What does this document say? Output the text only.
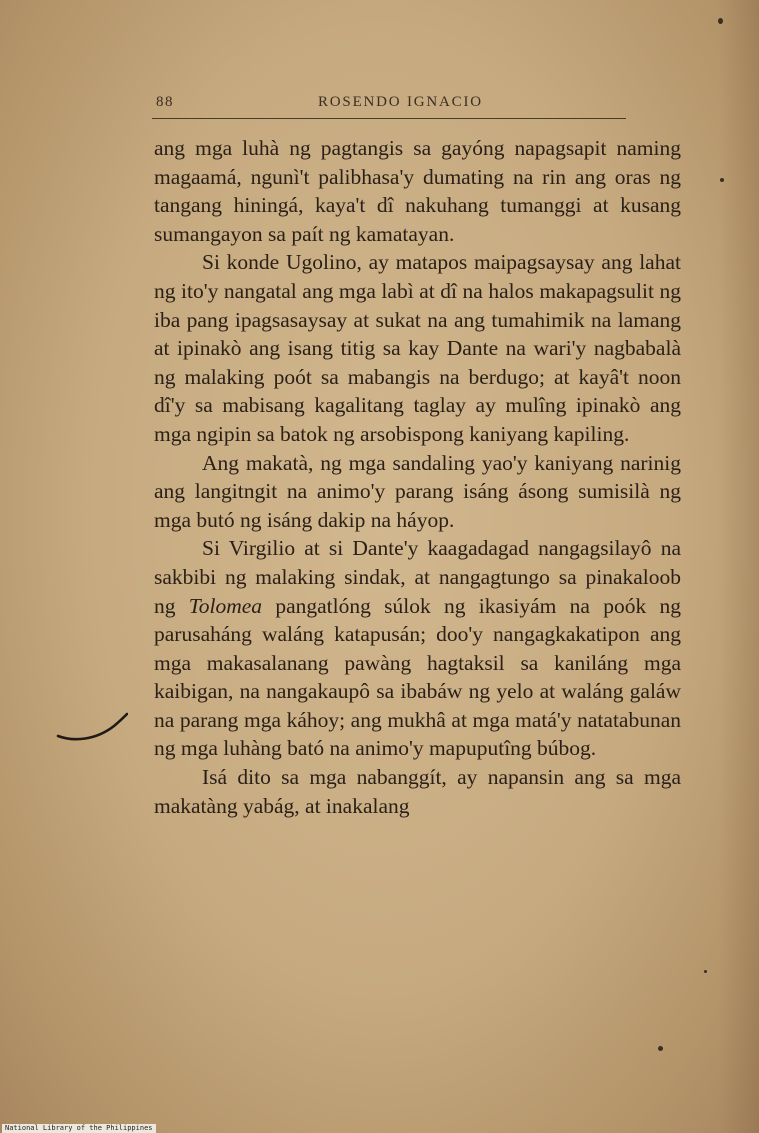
88	ROSENDO IGNACIO

ang mga luhà ng pagtangis sa gayóng napagsapit naming magaamá, ngunì't palibhasa'y dumating na rin ang oras ng tangang hiningá, kaya't dî nakuhang tumanggi at kusang sumangayon sa paít ng kamatayan.

Si konde Ugolino, ay matapos maipagsaysay ang lahat ng ito'y nangatal ang mga labì at dî na halos makapagsulit ng iba pang ipagsasaysay at sukat na ang tumahimik na lamang at ipinakò ang isang titig sa kay Dante na wari'y nagbabalà ng malaking poót sa mabangis na berdugo; at kayâ't noon dî'y sa mabisang kagalitang taglay ay mulîng ipinakò ang mga ngipin sa batok ng arsobispong kaniyang kapiling.

Ang makatà, ng mga sandaling yao'y kaniyang narinig ang langitngit na animo'y parang isáng ásong sumisilà ng mga butó ng isáng dakip na háyop.

Si Virgilio at si Dante'y kaagadagad nangagsilayô na sakbibi ng malaking sindak, at nangagtungo sa pinakaloob ng Tolomea pangatlóng súlok ng ikasiyám na poók ng parusaháng waláng katapusán; doo'y nangagkakatipon ang mga makasalanang pawàng hagtaksil sa kaniláng mga kaibigan, na nangakaupô sa ibabáw ng yelo at waláng galáw na parang mga káhoy; ang mukhâ at mga matá'y natatabunan ng mga luhàng bató na animo'y mapuputîng búbog.

Isá dito sa mga nabanggít, ay napansin ang sa mga makatàng yabág, at inakalang

National Library of the Philippines
